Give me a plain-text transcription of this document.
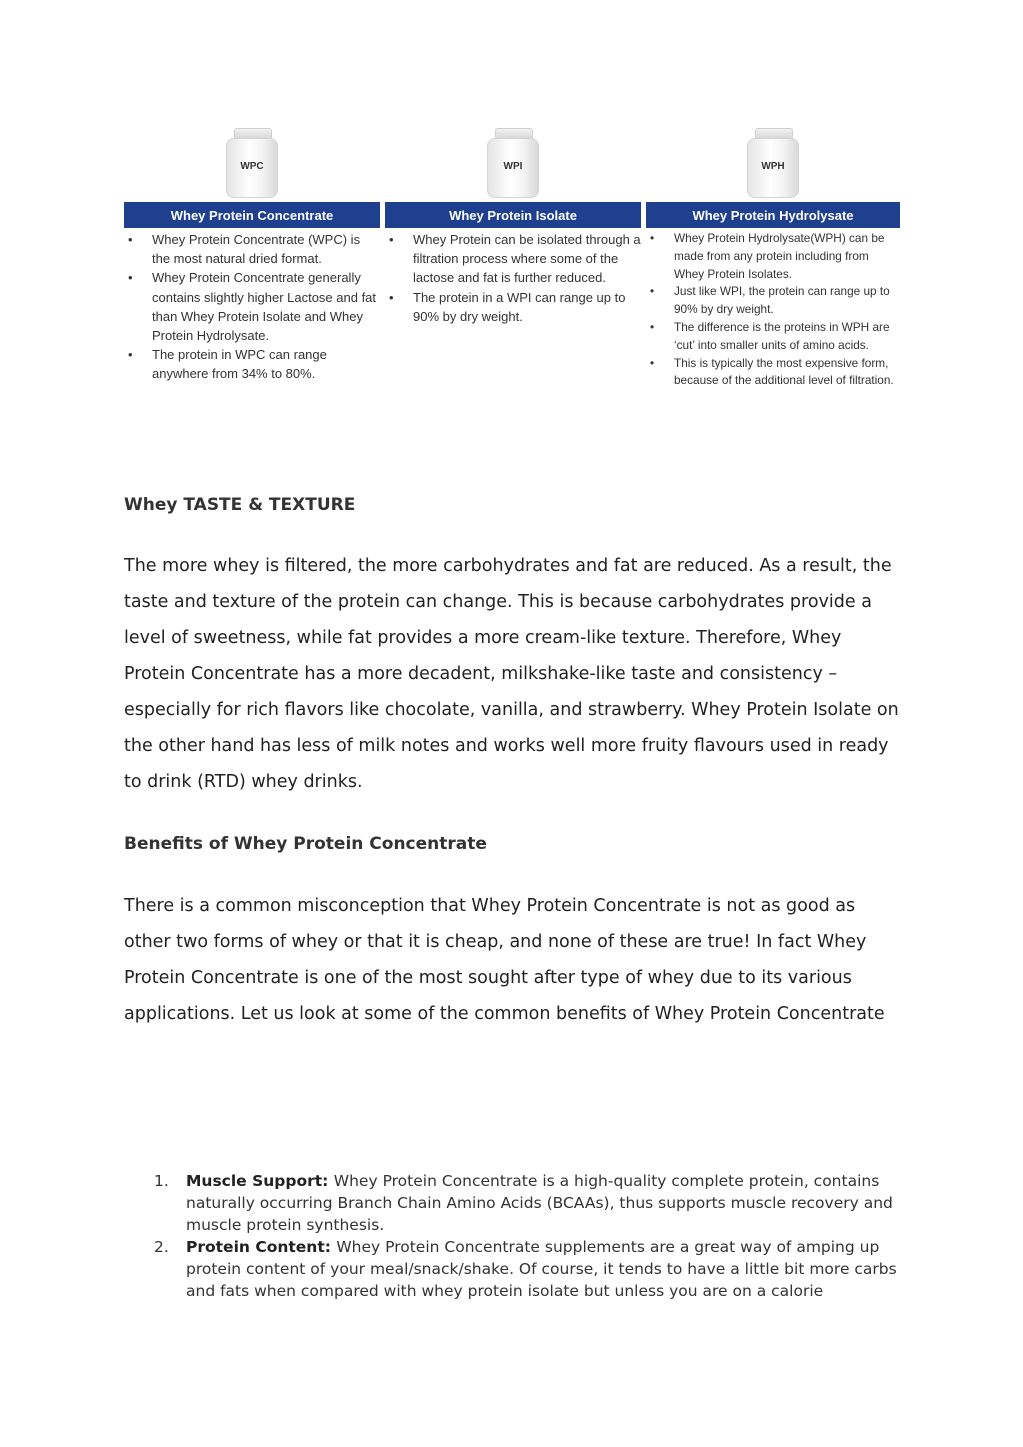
WPC
Whey Protein Concentrate
• Whey Protein Concentrate (WPC) is the most natural dried format.
• Whey Protein Concentrate generally contains slightly higher Lactose and fat than Whey Protein Isolate and Whey Protein Hydrolysate.
• The protein in WPC can range anywhere from 34% to 80%.
WPI
Whey Protein Isolate
• Whey Protein can be isolated through a filtration process where some of the lactose and fat is further reduced.
• The protein in a WPI can range up to 90% by dry weight.
WPH
Whey Protein Hydrolysate
• Whey Protein Hydrolysate(WPH) can be made from any protein including from Whey Protein Isolates.
• Just like WPI, the protein can range up to 90% by dry weight.
• The difference is the proteins in WPH are ‘cut’ into smaller units of amino acids.
• This is typically the most expensive form, because of the additional level of filtration.
Whey TASTE & TEXTURE

The more whey is filtered, the more carbohydrates and fat are reduced. As a result, the taste and texture of the protein can change. This is because carbohydrates provide a level of sweetness, while fat provides a more cream-like texture. Therefore, Whey Protein Concentrate has a more decadent, milkshake-like taste and consistency – especially for rich flavors like chocolate, vanilla, and strawberry. Whey Protein Isolate on the other hand has less of milk notes and works well more fruity flavours used in ready to drink (RTD) whey drinks.

Benefits of Whey Protein Concentrate

There is a common misconception that Whey Protein Concentrate is not as good as other two forms of whey or that it is cheap, and none of these are true! In fact Whey Protein Concentrate is one of the most sought after type of whey due to its various applications. Let us look at some of the common benefits of Whey Protein Concentrate

1. Muscle Support: Whey Protein Concentrate is a high-quality complete protein, contains naturally occurring Branch Chain Amino Acids (BCAAs), thus supports muscle recovery and muscle protein synthesis.
2. Protein Content: Whey Protein Concentrate supplements are a great way of amping up protein content of your meal/snack/shake. Of course, it tends to have a little bit more carbs and fats when compared with whey protein isolate but unless you are on a calorie
